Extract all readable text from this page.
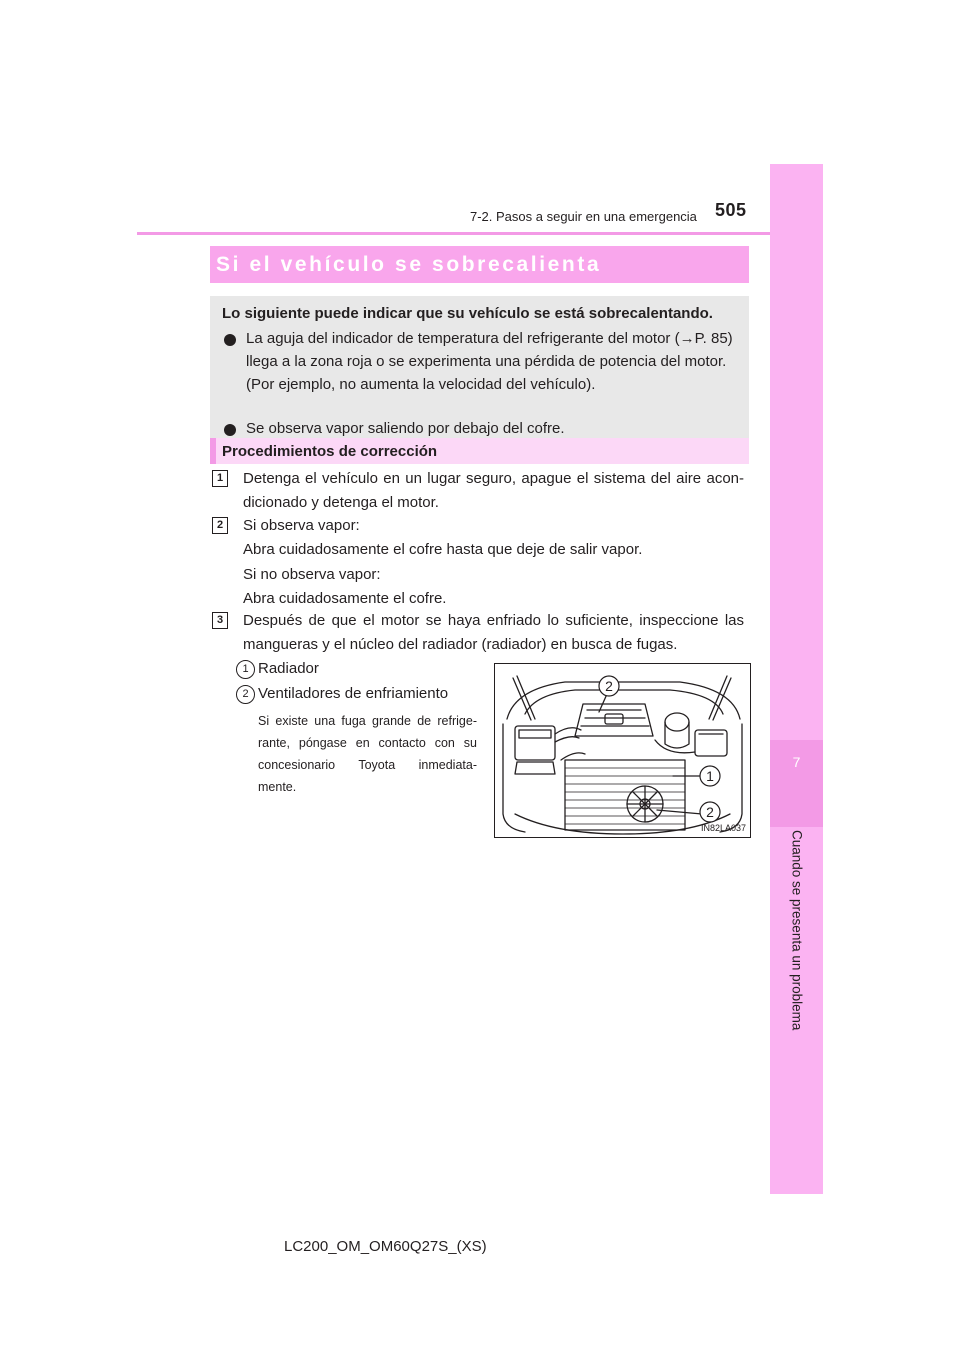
7-2. Pasos a seguir en una emergencia 505
7
Cuando se presenta un problema
Si el vehículo se sobrecalienta
Lo siguiente puede indicar que su vehículo se está sobrecalentando.
La aguja del indicador de temperatura del refrigerante del motor (→P. 85)
llega a la zona roja o se experimenta una pérdida de potencia del motor.
(Por ejemplo, no aumenta la velocidad del vehículo).
Se observa vapor saliendo por debajo del cofre.
Procedimientos de corrección
1	Detenga el vehículo en un lugar seguro, apague el sistema del aire acon-
dicionado y detenga el motor.
2	Si observa vapor:
Abra cuidadosamente el cofre hasta que deje de salir vapor.
Si no observa vapor:
Abra cuidadosamente el cofre.
3	Después de que el motor se haya enfriado lo suficiente, inspeccione las
mangueras y el núcleo del radiador (radiador) en busca de fugas.
1 Radiador
2 Ventiladores de enfriamiento
Si existe una fuga grande de refrige-
rante, póngase en contacto con su
concesionario Toyota inmediata-
mente.
2
1
2
IN82LA037
LC200_OM_OM60Q27S_(XS)
